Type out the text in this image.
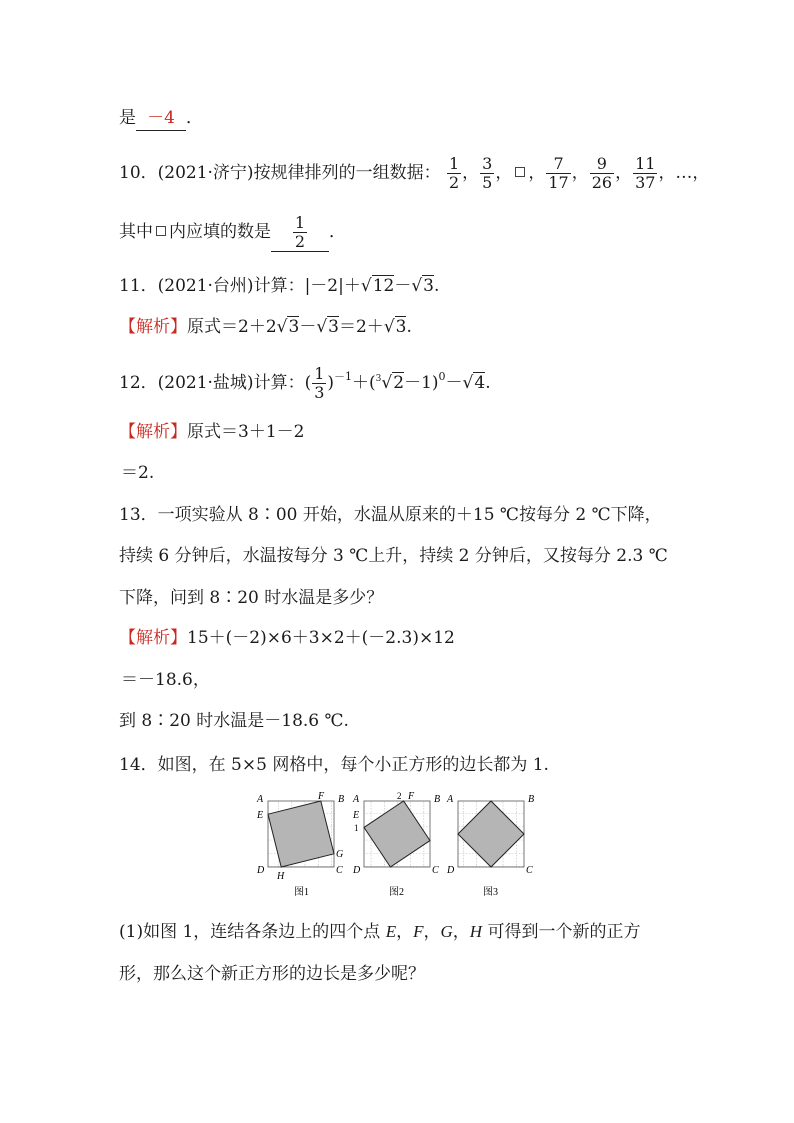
是 －4 ．
10．(2021·济宁)按规律排列的一组数据： $\frac{1}{2}$ ， $\frac{3}{5}$ ， ， $\frac{7}{17}$ ， $\frac{9}{26}$ ， $\frac{11}{37}$ ，…，
其中 内应填的数是 $\frac{1}{2}$ ．
11．(2021·台州)计算：|－2|＋√12－√3.
【解析】原式＝2＋2√3－√3＝2＋√3.
12．(2021·盐城)计算：( $\frac{1}{3} )^{-1}+(^3√2-1)^0-√4$.
【解析】原式＝3＋1－2
＝2.
13．一项实验从 8∶00 开始，水温从原来的＋15 ℃按每分 2 ℃下降，
持续 6 分钟后，水温按每分 3 ℃上升，持续 2 分钟后，又按每分 2.3 ℃
下降，问到 8∶20 时水温是多少？
【解析】15＋(－2)×6＋3×2＋(－2.3)×12
＝－18.6，
到 8∶20 时水温是－18.6 ℃.
14．如图，在 5×5 网格中，每个小正方形的边长都为 1.
A	F B
E
G
D
H
C
图1
A	2 F B
E
1
D	C
图2
A	B
D	C
图3
(1)如图 1，连结各条边上的四个点 E，F，G，H 可得到一个新的正方
形，那么这个新正方形的边长是多少呢？
